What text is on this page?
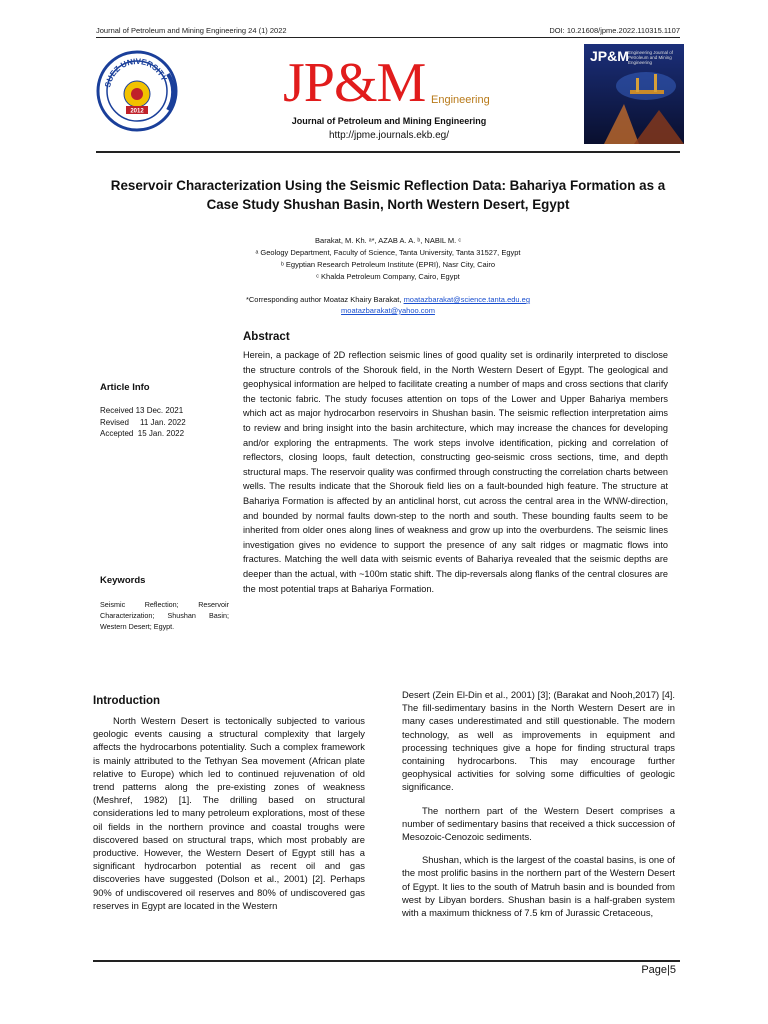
Journal of Petroleum and Mining Engineering 24 (1) 2022	DOI: 10.21608/jpme.2022.110315.1107
SUEZ UNIVERSITY
2012 JP&M Engineering
Journal of Petroleum and Mining Engineering
http://jpme.journals.ekb.eg/
JP&M Engineering Journal of Petroleum and Mining Engineering
Reservoir Characterization Using the Seismic Reflection Data: Bahariya Formation as a Case Study Shushan Basin, North Western Desert, Egypt
Barakat, M. Kh. ᵃ*, AZAB A. A. ᵇ, NABIL M. ᶜ
ᵃ Geology Department, Faculty of Science, Tanta University, Tanta 31527, Egypt
ᵇ Egyptian Research Petroleum Institute (EPRI), Nasr City, Cairo
ᶜ Khalda Petroleum Company, Cairo, Egypt
*Corresponding author Moataz Khairy Barakat, moatazbarakat@science.tanta.edu.eg
moatazbarakat@yahoo.com
Article Info
Received 13 Dec. 2021
Revised     11 Jan. 2022
Accepted  15 Jan. 2022
Keywords
Seismic Reflection; Reservoir Characterization; Shushan Basin; Western Desert; Egypt.
Abstract
Herein, a package of 2D reflection seismic lines of good quality set is ordinarily interpreted to disclose the structure controls of the Shorouk field, in the North Western Desert of Egypt. The geological and geophysical information are helped to facilitate creating a number of maps and cross sections that clarify the tectonic fabric. The study focuses attention on tops of the Lower and Upper Bahariya members which act as major hydrocarbon reservoirs in Shushan basin. The seismic reflection interpretation aims to review and bring insight into the basin architecture, which may increase the chances for developing and/or exploring the entrapments. The work steps involve identification, picking and correlation of reflectors, closing loops, fault detection, constructing geo-seismic cross sections, time, and depth structural maps. The reservoir quality was confirmed through constructing the correlation charts between wells. The results indicate that the Shorouk field lies on a fault-bounded high feature. The structure at Bahariya Formation is affected by an anticlinal horst, cut across the central area in the WNW-direction, and bounded by normal faults down-step to the north and south. These bounding faults seem to be inherited from older ones along lines of weakness and grow up into the overburdens. The seismic lines investigation gives no evidence to support the presence of any salt ridges or magmatic flows into fractures. Matching the well data with seismic events of Bahariya revealed that the seismic depths are deeper than the actual, with ~100m static shift. The dip-reversals along flanks of the central closures are the most potential traps at Bahariya Formation.
Introduction

North Western Desert is tectonically subjected to various geologic events causing a structural complexity that largely affects the hydrocarbons potentiality. Such a complex framework is mainly attributed to the Tethyan Sea movement (African plate relative to Europe) which led to continued rejuvenation of old trend patterns along the pre-existing zones of weakness (Meshref, 1982) [1]. The drilling based on structural considerations led to many petroleum explorations, most of these oil fields in the northern province and coastal troughs were discovered based on structural traps, which most probably are productive. However, the Western Desert of Egypt still has a significant hydrocarbon potential as recent oil and gas discoveries have suggested (Dolson et al., 2001) [2]. Perhaps 90% of undiscovered oil reserves and 80% of undiscovered gas reserves in Egypt are located in the Western

Desert (Zein El-Din et al., 2001) [3]; (Barakat and Nooh,2017) [4]. The fill-sedimentary basins in the North Western Desert are in many cases underestimated and still questionable. The modern technology, as well as improvements in equipment and processing techniques give a hope for finding structural traps containing hydrocarbons. This may encourage further geophysical activities for solving some difficulties of geologic significance.

The northern part of the Western Desert comprises a number of sedimentary basins that received a thick succession of Mesozoic-Cenozoic sediments.

Shushan, which is the largest of the coastal basins, is one of the most prolific basins in the northern part of the Western Desert of Egypt. It lies to the south of Matruh basin and is bounded from west by Libyan borders. Shushan basin is a half-graben system with a maximum thickness of 7.5 km of Jurassic Cretaceous,

Page|5
